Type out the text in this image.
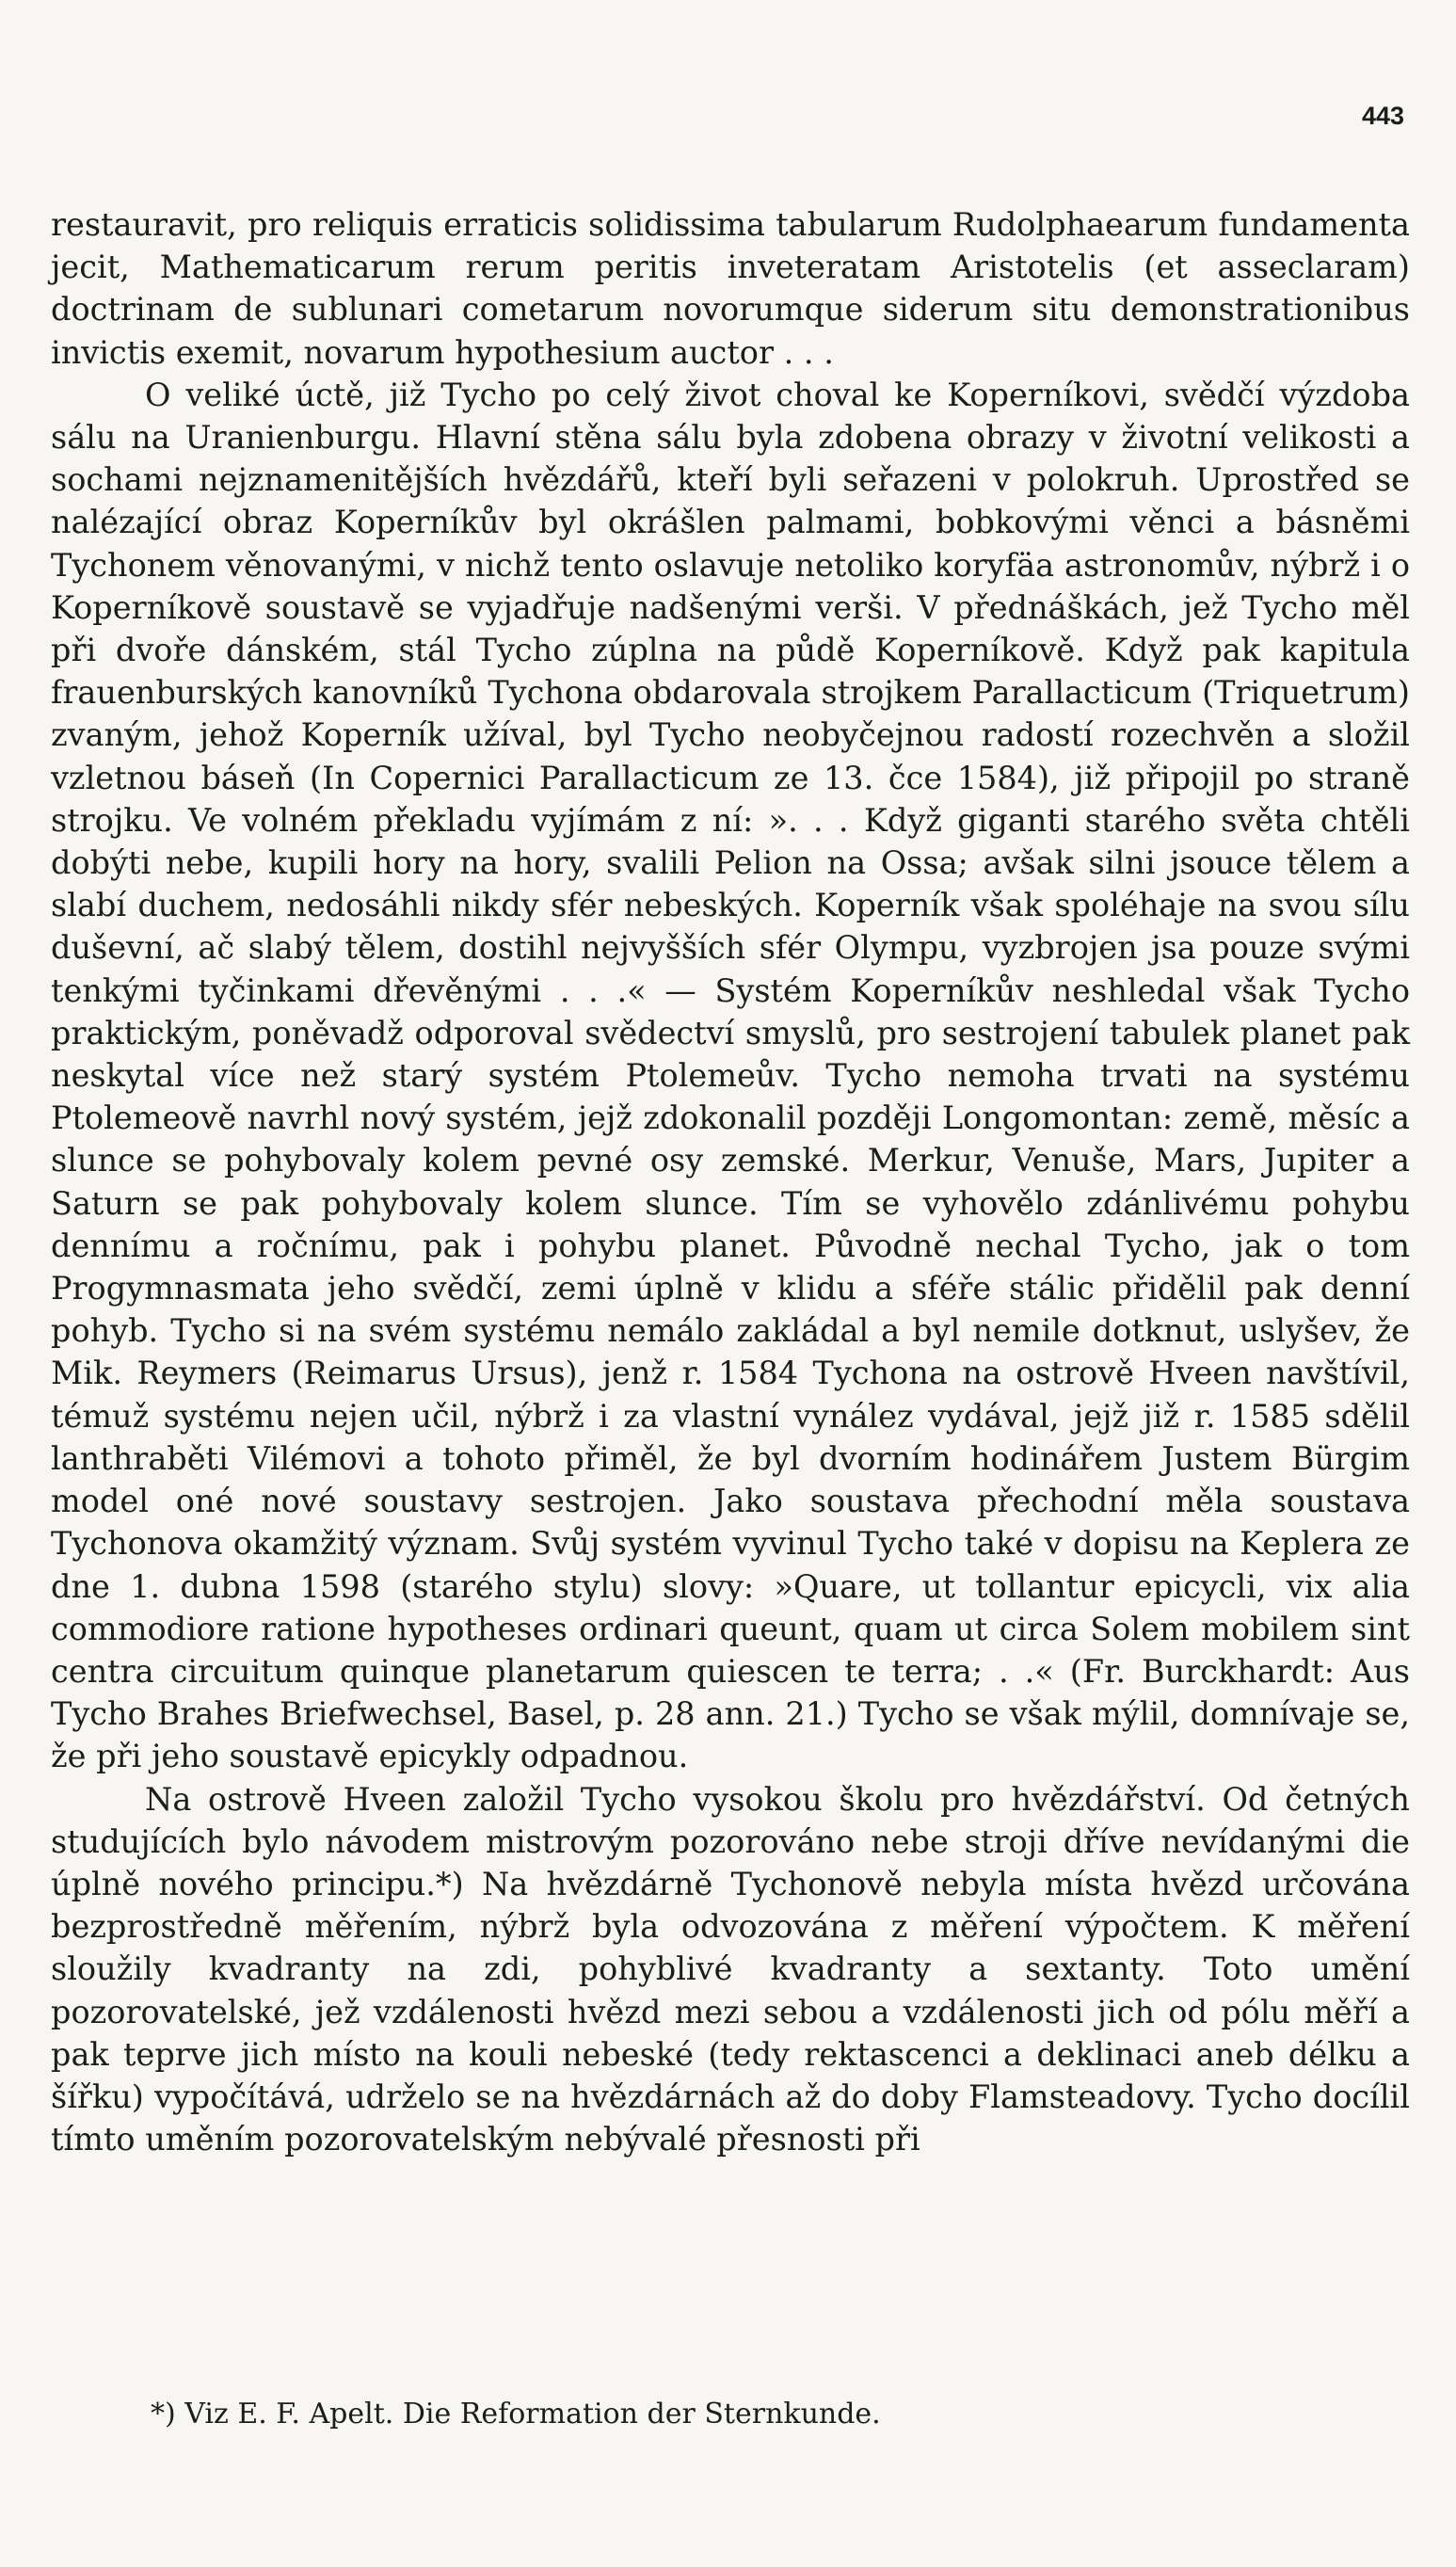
443

restauravit, pro reliquis erraticis solidissima tabularum Rudolphaearum fundamenta jecit, Mathematicarum rerum peritis inveteratam Aristotelis (et asseclaram) doctrinam de sublunari cometarum novorumque siderum situ demonstrationibus invictis exemit, novarum hypothesium auctor . . .

O veliké úctě, již Tycho po celý život choval ke Koperníkovi, svědčí výzdoba sálu na Uranienburgu. Hlavní stěna sálu byla zdobena obrazy v životní velikosti a sochami nejznamenitějších hvězdářů, kteří byli seřazeni v polokruh. Uprostřed se nalézající obraz Koperníkův byl okrášlen palmami, bobkovými věnci a básněmi Tychonem věnovanými, v nichž tento oslavuje netoliko koryfäa astronomův, nýbrž i o Koperníkově soustavě se vyjadřuje nadšenými verši. V přednáškách, jež Tycho měl při dvoře dánském, stál Tycho zúplna na půdě Koperníkově. Když pak kapitula frauenburských kanovníků Tychona obdarovala strojkem Parallacticum (Triquetrum) zvaným, jehož Koperník užíval, byl Tycho neobyčejnou radostí rozechvěn a složil vzletnou báseň (In Copernici Parallacticum ze 13. čce 1584), již připojil po straně strojku. Ve volném překladu vyjímám z ní: ». . . Když giganti starého světa chtěli dobýti nebe, kupili hory na hory, svalili Pelion na Ossa; avšak silni jsouce tělem a slabí duchem, nedosáhli nikdy sfér nebeských. Koperník však spoléhaje na svou sílu duševní, ač slabý tělem, dostihl nejvyšších sfér Olympu, vyzbrojen jsa pouze svými tenkými tyčinkami dřevěnými . . .« — Systém Koperníkův neshledal však Tycho praktickým, poněvadž odporoval svědectví smyslů, pro sestrojení tabulek planet pak neskytal více než starý systém Ptolemeův. Tycho nemoha trvati na systému Ptolemeově navrhl nový systém, jejž zdokonalil později Longomontan: země, měsíc a slunce se pohybovaly kolem pevné osy zemské. Merkur, Venuše, Mars, Jupiter a Saturn se pak pohybovaly kolem slunce. Tím se vyhovělo zdánlivému pohybu dennímu a ročnímu, pak i pohybu planet. Původně nechal Tycho, jak o tom Progymnasmata jeho svědčí, zemi úplně v klidu a sféře stálic přidělil pak denní pohyb. Tycho si na svém systému nemálo zakládal a byl nemile dotknut, uslyšev, že Mik. Reymers (Reimarus Ursus), jenž r. 1584 Tychona na ostrově Hveen navštívil, témuž systému nejen učil, nýbrž i za vlastní vynález vydával, jejž již r. 1585 sdělil lanthraběti Vilémovi a tohoto přiměl, že byl dvorním hodinářem Justem Bürgim model oné nové soustavy sestrojen. Jako soustava přechodní měla soustava Tychonova okamžitý význam. Svůj systém vyvinul Tycho také v dopisu na Keplera ze dne 1. dubna 1598 (starého stylu) slovy: »Quare, ut tollantur epicycli, vix alia commodiore ratione hypotheses ordinari queunt, quam ut circa Solem mobilem sint centra circuitum quinque planetarum quiescen te terra; . .« (Fr. Burckhardt: Aus Tycho Brahes Briefwechsel, Basel, p. 28 ann. 21.) Tycho se však mýlil, domnívaje se, že při jeho soustavě epicykly odpadnou.

Na ostrově Hveen založil Tycho vysokou školu pro hvězdářství. Od četných studujících bylo návodem mistrovým pozorováno nebe stroji dříve nevídanými die úplně nového principu.*) Na hvězdárně Tychonově nebyla místa hvězd určována bezprostředně měřením, nýbrž byla odvozována z měření výpočtem. K měření sloužily kvadranty na zdi, pohyblivé kvadranty a sextanty. Toto umění pozorovatelské, jež vzdálenosti hvězd mezi sebou a vzdálenosti jich od pólu měří a pak teprve jich místo na kouli nebeské (tedy rektascenci a deklinaci aneb délku a šířku) vypočítává, udrželo se na hvězdárnách až do doby Flamsteadovy. Tycho docílil tímto uměním pozorovatelským nebývalé přesnosti při

*) Viz E. F. Apelt. Die Reformation der Sternkunde.
